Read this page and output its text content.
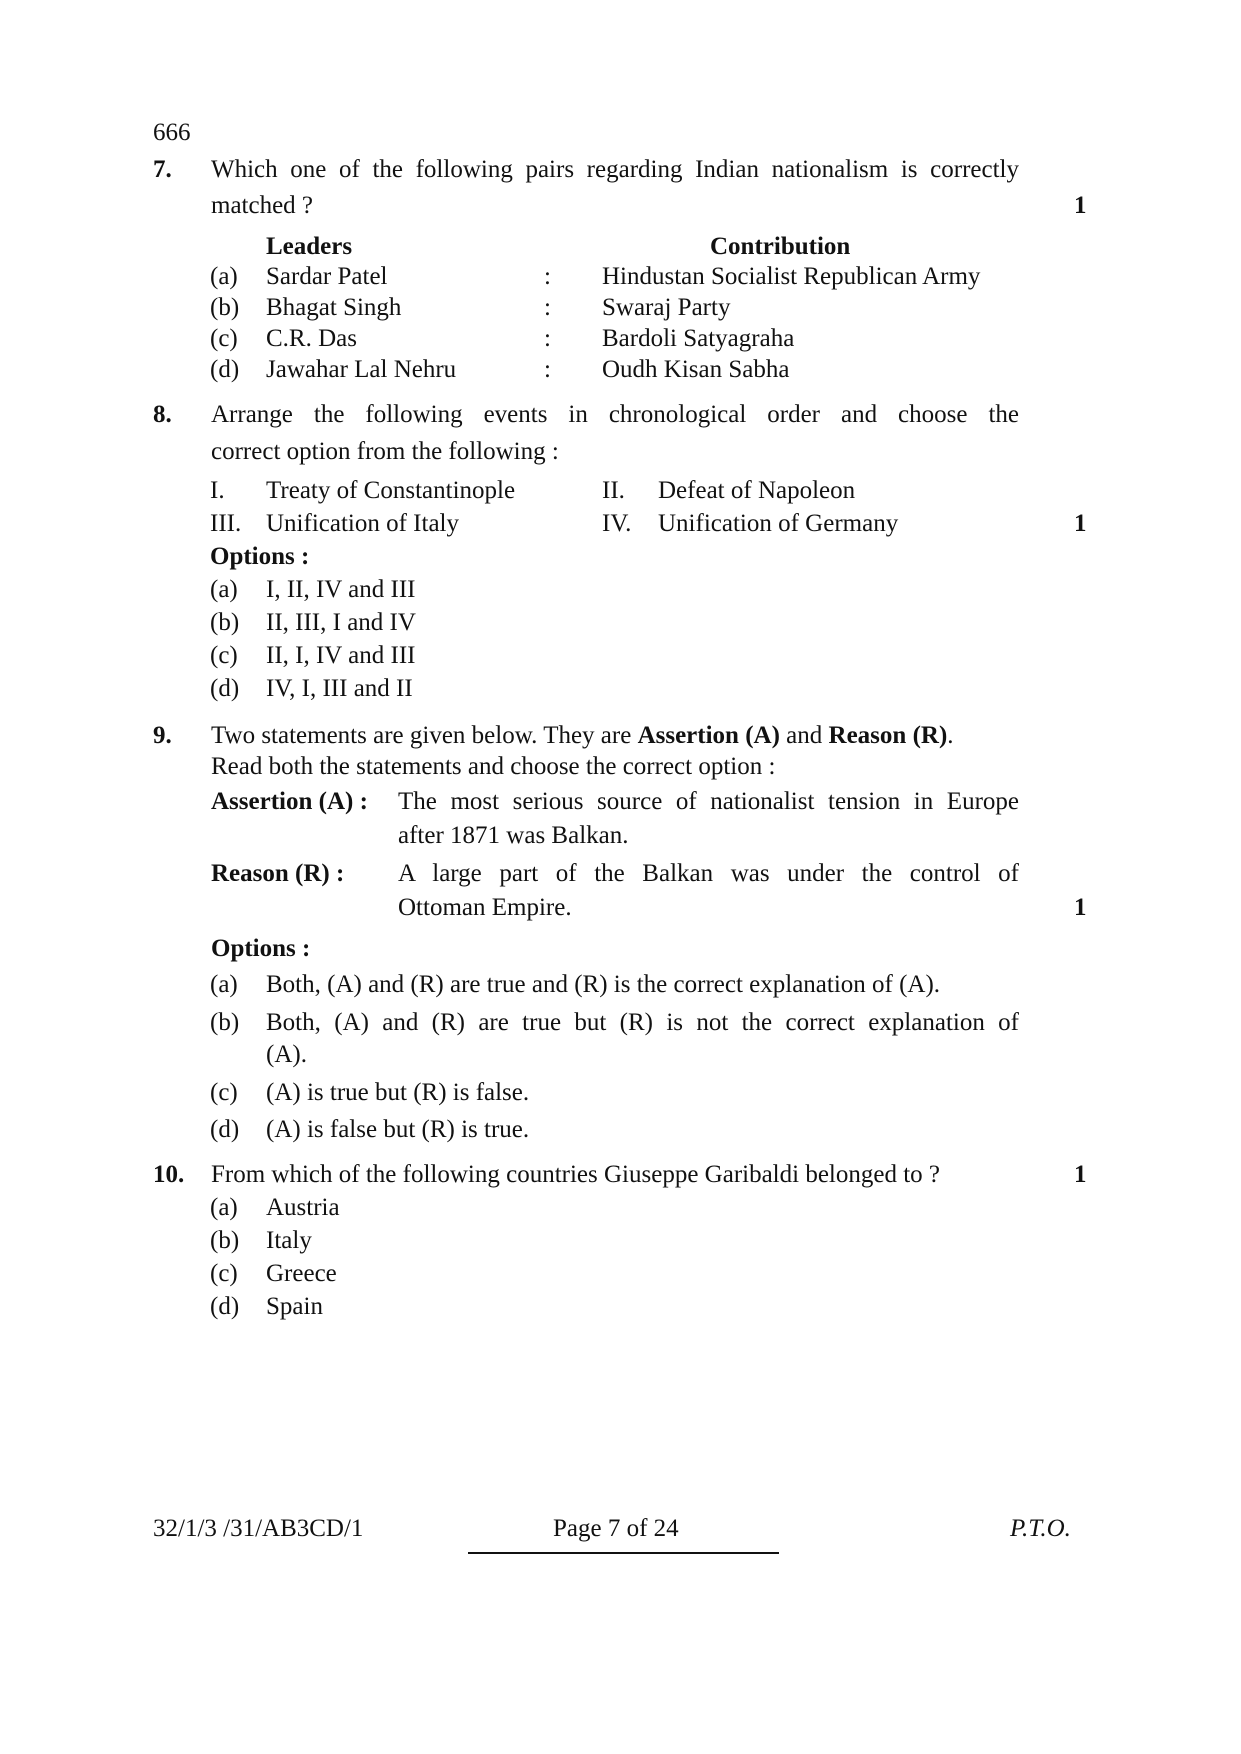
666
7. Which one of the following pairs regarding Indian nationalism is correctly
matched ?	1
Leaders	Contribution
(a) Sardar Patel	: Hindustan Socialist Republican Army
(b) Bhagat Singh	: Swaraj Party
(c) C.R. Das	: Bardoli Satyagraha
(d) Jawahar Lal Nehru	: Oudh Kisan Sabha
8. Arrange the following events in chronological order and choose the
correct option from the following :
I. Treaty of Constantinople	II. Defeat of Napoleon
III. Unification of Italy	IV. Unification of Germany	1
Options :
(a) I, II, IV and III
(b) II, III, I and IV
(c) II, I, IV and III
(d) IV, I, III and II
9. Two statements are given below. They are Assertion (A) and Reason (R).
Read both the statements and choose the correct option :
Assertion (A) : The most serious source of nationalist tension in Europe
after 1871 was Balkan.
Reason (R) : A large part of the Balkan was under the control of
Ottoman Empire.	1
Options :
(a) Both, (A) and (R) are true and (R) is the correct explanation of (A).
(b) Both, (A) and (R) are true but (R) is not the correct explanation of
(A).
(c) (A) is true but (R) is false.
(d) (A) is false but (R) is true.
10. From which of the following countries Giuseppe Garibaldi belonged to ?	1
(a) Austria
(b) Italy
(c) Greece
(d) Spain
32/1/3 /31/AB3CD/1	Page 7 of 24	P.T.O.
